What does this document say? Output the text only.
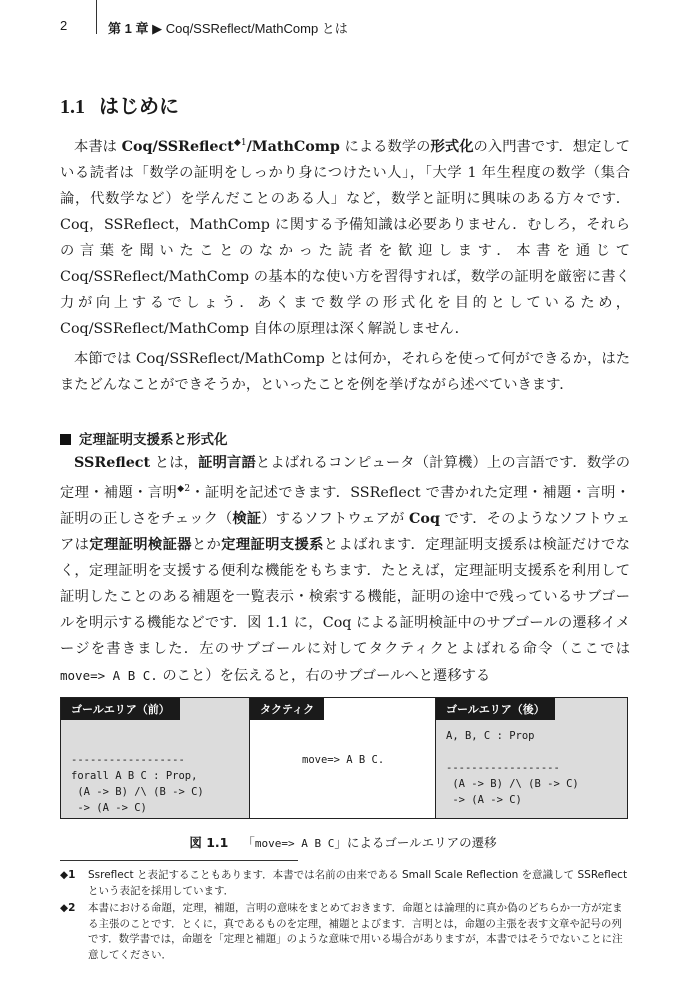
2	第 1 章 ▶ Coq/SSReflect/MathComp とは
1.1 はじめに

本書は Coq/SSReflect$^{◆1}$/MathComp による数学の形式化の入門書です．想定している読者は「数学の証明をしっかり身につけたい人」，「大学 1 年生程度の数学（集合論，代数学など）を学んだことのある人」など，数学と証明に興味のある方々です．Coq，SSReflect，MathComp に関する予備知識は必要ありません．むしろ，それらの言葉を聞いたことのなかった読者を歓迎します．本書を通じて Coq/SSReflect/MathComp の基本的な使い方を習得すれば，数学の証明を厳密に書く力が向上するでしょう．あくまで数学の形式化を目的としているため，Coq/SSReflect/MathComp 自体の原理は深く解説しません．

本節では Coq/SSReflect/MathComp とは何か，それらを使って何ができるか，はたまたどんなことができそうか，といったことを例を挙げながら述べていきます．

定理証明支援系と形式化

SSReflect とは，証明言語とよばれるコンピュータ（計算機）上の言語です．数学の定理・補題・言明$^{◆2}$・証明を記述できます．SSReflect で書かれた定理・補題・言明・証明の正しさをチェック（検証）するソフトウェアが Coq です．そのようなソフトウェアは定理証明検証器とか定理証明支援系とよばれます．定理証明支援系は検証だけでなく，定理証明を支援する便利な機能をもちます．たとえば，定理証明支援系を利用して証明したことのある補題を一覧表示・検索する機能，証明の途中で残っているサブゴールを明示する機能などです．図 1.1 に，Coq による証明検証中のサブゴールの遷移イメージを書きました．左のサブゴールに対してタクティクとよばれる命令（ここでは move=> A B C. のこと）を伝えると，右のサブゴールへと遷移する

ゴールエリア（前）
------------------
forall A B C : Prop,
(A -> B) /\ (B -> C)
-> (A -> C)
タクティク
move=> A B C.
ゴールエリア（後）
A, B, C : Prop

------------------
(A -> B) /\ (B -> C)
-> (A -> C)
図 1.1 「move=> A B C」によるゴールエリアの遷移
◆1	Ssreflect と表記することもあります．本書では名前の由来である Small Scale Reflection を意識して SSReflect という表記を採用しています．
◆2	本書における命題，定理，補題，言明の意味をまとめておきます．命題とは論理的に真か偽のどちらか一方が定まる主張のことです．とくに，真であるものを定理，補題とよびます．言明とは，命題の主張を表す文章や記号の列です．数学書では，命題を「定理と補題」のような意味で用いる場合がありますが，本書ではそうでないことに注意してください．
